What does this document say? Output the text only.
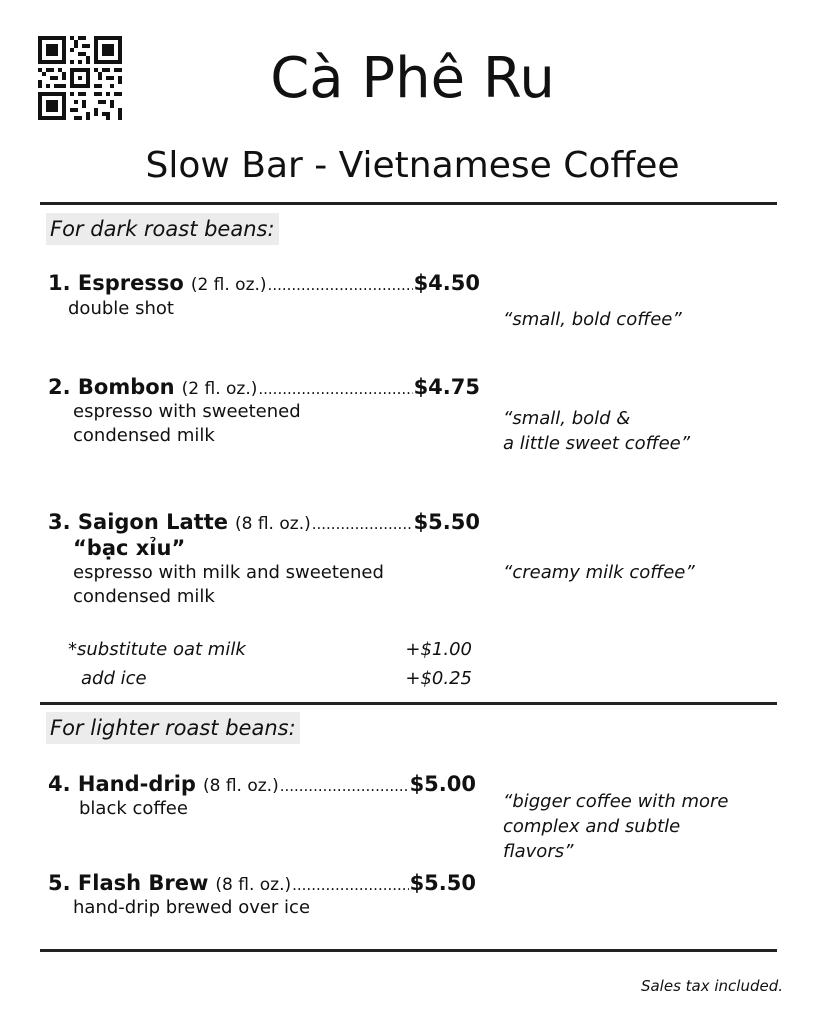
Cà Phê Ru
Slow Bar - Vietnamese Coffee
For dark roast beans:
1. Espresso (2 fl. oz.) .....	$4.50
double shot
“small, bold coffee”
2. Bombon (2 fl. oz.) .....	$4.75
espresso with sweetened
condensed milk
“small, bold &
a little sweet coffee”
3. Saigon Latte (8 fl. oz.) .....	$5.50
“bạc xỉu”
espresso with milk and sweetened
condensed milk
“creamy milk coffee”
*substitute oat milk	+$1.00
add ice	+$0.25
For lighter roast beans:
4. Hand-drip (8 fl. oz.) .....	$5.00
black coffee	“bigger coffee with more
complex and subtle
flavors”
5. Flash Brew (8 fl. oz.) .....	$5.50
hand-drip brewed over ice
Sales tax included.
